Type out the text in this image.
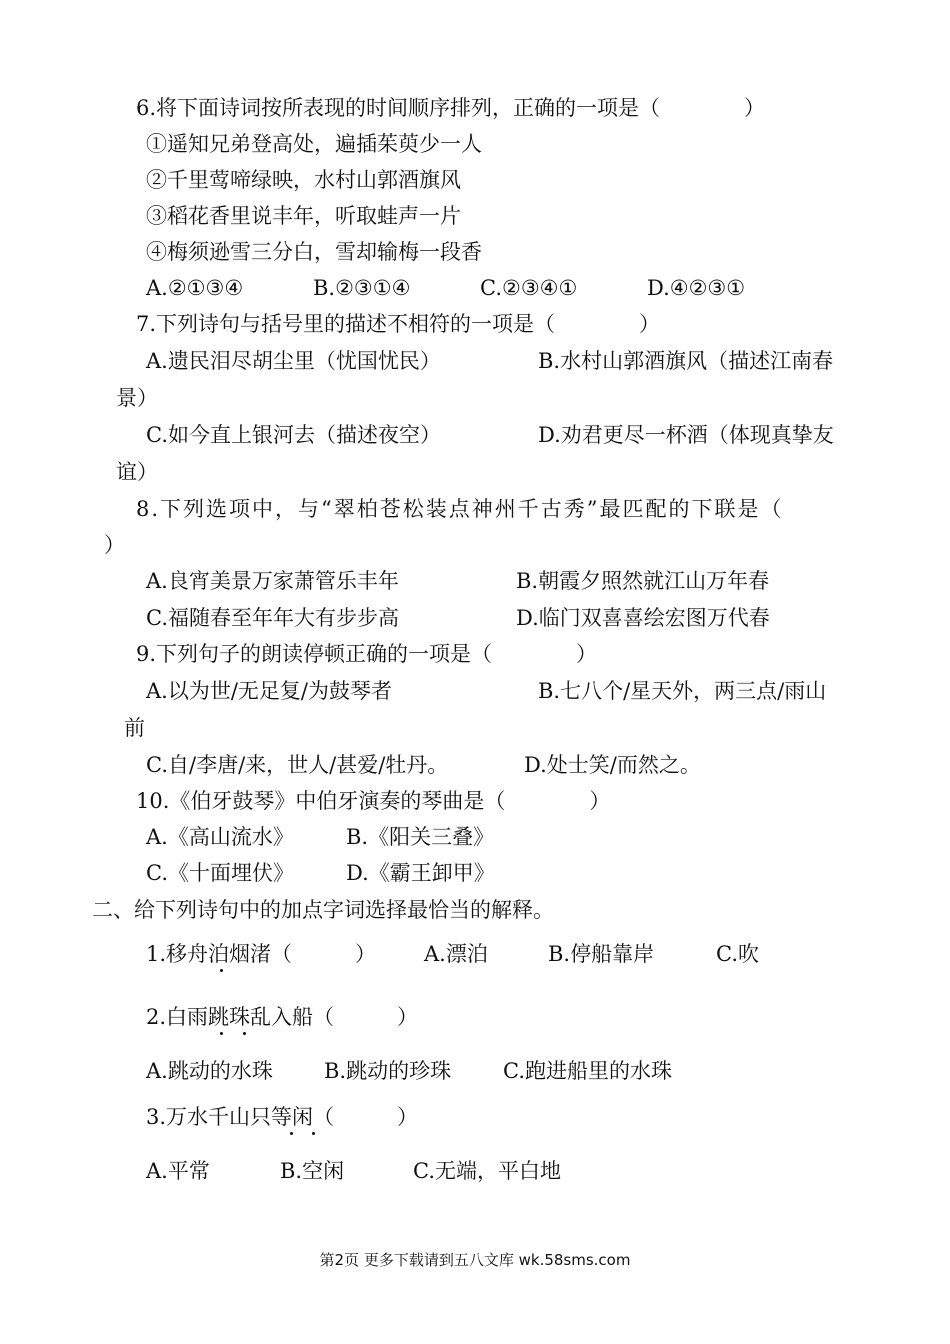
6.将下面诗词按所表现的时间顺序排列，正确的一项是（　　　　）
①遥知兄弟登高处，遍插茱萸少一人
②千里莺啼绿映，水村山郭酒旗风
③稻花香里说丰年，听取蛙声一片
④梅须逊雪三分白，雪却输梅一段香
A.②①③④	B.②③①④	C.②③④①	D.④②③①
7.下列诗句与括号里的描述不相符的一项是（　　　　）
A.遗民泪尽胡尘里（忧国忧民）	B.水村山郭酒旗风（描述江南春
景）
C.如今直上银河去（描述夜空）	D.劝君更尽一杯酒（体现真挚友
谊）
8.下列选项中，与“翠柏苍松装点神州千古秀”最匹配的下联是（
）
A.良宵美景万家萧管乐丰年	B.朝霞夕照然就江山万年春
C.福随春至年年大有步步高	D.临门双喜喜绘宏图万代春
9.下列句子的朗读停顿正确的一项是（　　　　）
A.以为世/无足复/为鼓琴者	B.七八个/星天外，两三点/雨山
前
C.自/李唐/来，世人/甚爱/牡丹。	D.处士笑/而然之。
10.《伯牙鼓琴》中伯牙演奏的琴曲是（　　　　）
A.《高山流水》 B.《阳关三叠》
C.《十面埋伏》 D.《霸王卸甲》
二、给下列诗句中的加点字词选择最恰当的解释。
1.移舟泊烟渚（　　　） A.漂泊	B.停船靠岸	C.吹
2.白雨跳珠乱入船（　　　）
A.跳动的水珠 B.跳动的珍珠 C.跑进船里的水珠
3.万水千山只等闲（　　　）
A.平常	B.空闲	C.无端，平白地
第2页 更多下载请到五八文库 wk.58sms.com
